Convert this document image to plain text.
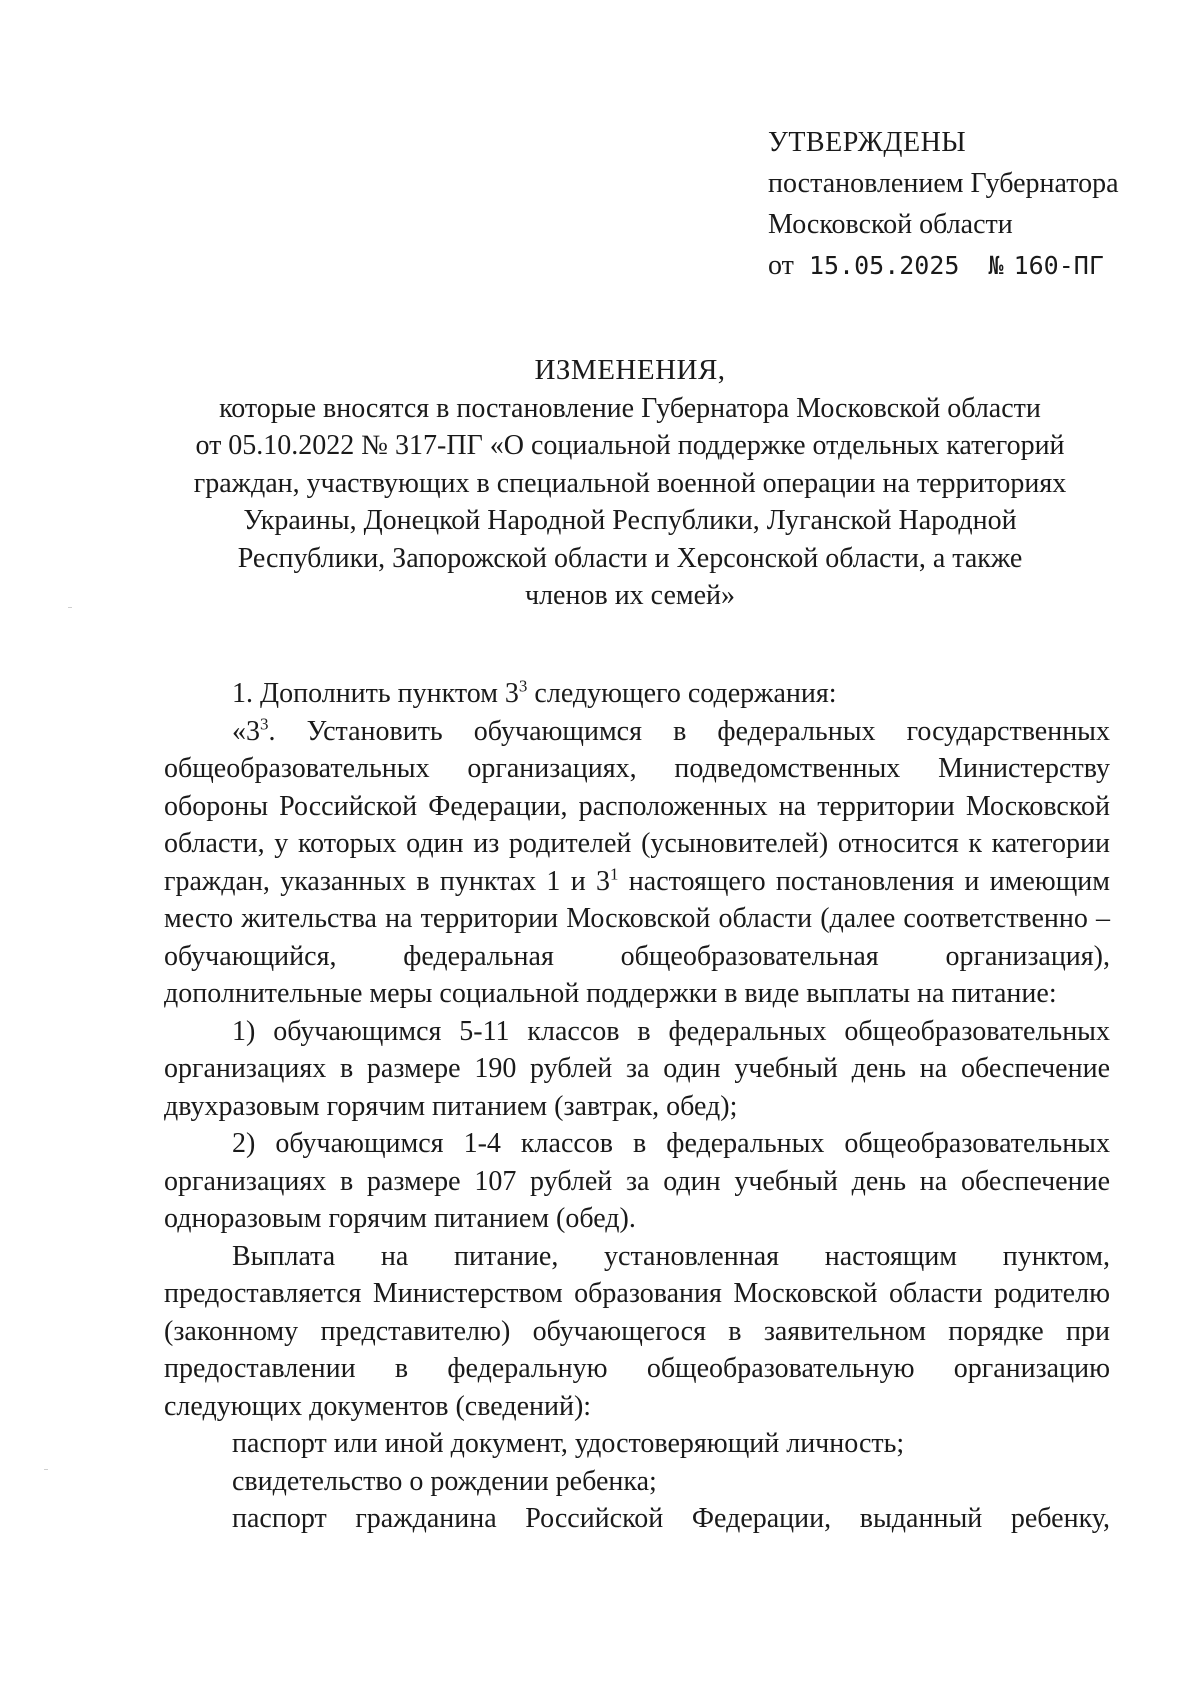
УТВЕРЖДЕНЫ
постановлением Губернатора
Московской области
от 15.05.2025 № 160-ПГ
ИЗМЕНЕНИЯ,
которые вносятся в постановление Губернатора Московской области
от 05.10.2022 № 317-ПГ «О социальной поддержке отдельных категорий
граждан, участвующих в специальной военной операции на территориях
Украины, Донецкой Народной Республики, Луганской Народной
Республики, Запорожской области и Херсонской области, а также
членов их семей»

1. Дополнить пунктом $3^3$ следующего содержания:

«$3^3$. Установить обучающимся в федеральных государственных общеобразовательных организациях, подведомственных Министерству обороны Российской Федерации, расположенных на территории Московской области, у которых один из родителей (усыновителей) относится к категории граждан, указанных в пунктах 1 и $3^1$ настоящего постановления и имеющим место жительства на территории Московской области (далее соответственно – обучающийся, федеральная общеобразовательная организация), дополнительные меры социальной поддержки в виде выплаты на питание:

1) обучающимся 5-11 классов в федеральных общеобразовательных организациях в размере 190 рублей за один учебный день на обеспечение двухразовым горячим питанием (завтрак, обед);

2) обучающимся 1-4 классов в федеральных общеобразовательных организациях в размере 107 рублей за один учебный день на обеспечение одноразовым горячим питанием (обед).

Выплата на питание, установленная настоящим пунктом, предоставляется Министерством образования Московской области родителю (законному представителю) обучающегося в заявительном порядке при предоставлении в федеральную общеобразовательную организацию следующих документов (сведений):

паспорт или иной документ, удостоверяющий личность;

свидетельство о рождении ребенка;

паспорт гражданина Российской Федерации, выданный ребенку,
